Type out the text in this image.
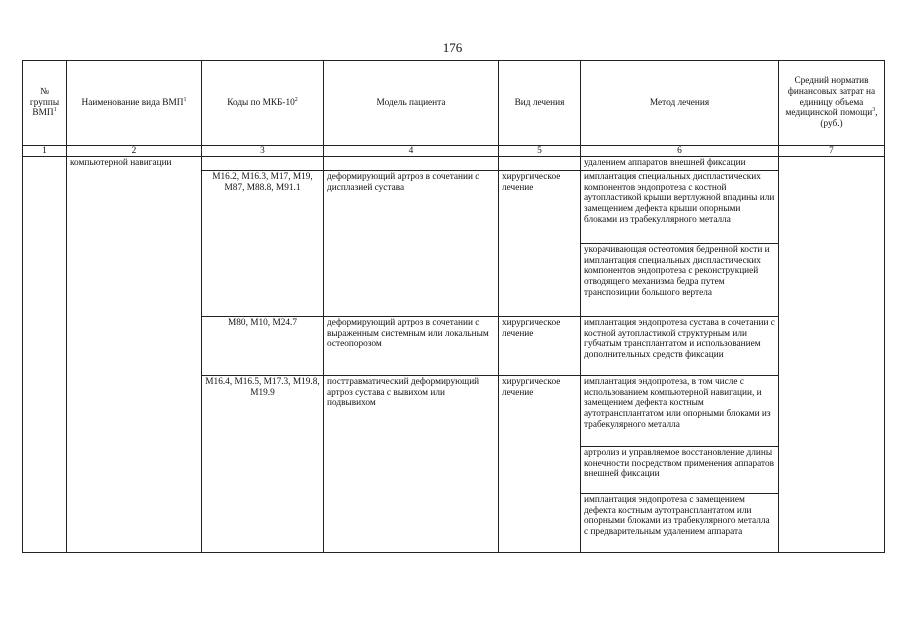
176
№ группы ВМП$^1$	Наименование вида ВМП$^1$	Коды по МКБ-$10^2$	Модель пациента	Вид лечения	Метод лечения	Средний норматив финансовых затрат на единицу объема медицинской помощи$^3$, (руб.)
1	2	3	4	5	6	7
	компьютерной навигации				удалением аппаратов внешней фиксации	
		M16.2, M16.3, M17, M19, M87, M88.8, M91.1	деформирующий артроз в сочетании с дисплазией сустава	хирургическое лечение	имплантация специальных диспластических компонентов эндопротеза с костной аутопластикой крыши вертлужной впадины или замещением дефекта крыши опорными блоками из трабекуллярного металла	
					укорачивающая остеотомия бедренной кости и имплантация специальных диспластических компонентов эндопротеза с реконструкцией отводящего механизма бедра путем транспозиции большого вертела	
		M80, M10, M24.7	деформирующий артроз в сочетании с выраженным системным или локальным остеопорозом	хирургическое лечение	имплантация эндопротеза сустава в сочетании с костной аутопластикой структурным или губчатым трансплантатом и использованием дополнительных средств фиксации	
		M16.4, M16.5, M17.3, M19.8, M19.9	посттравматический деформирующий артроз сустава с вывихом или подвывихом	хирургическое лечение	имплантация эндопротеза, в том числе с использованием компьютерной навигации, и замещением дефекта костным аутотрансплантатом или опорными блоками из трабекулярного металла	
					артролиз и управляемое восстановление длины конечности посредством применения аппаратов внешней фиксации	
					имплантация эндопротеза с замещением дефекта костным аутотрансплантатом или опорными блоками из трабекулярного металла с предварительным удалением аппарата	
